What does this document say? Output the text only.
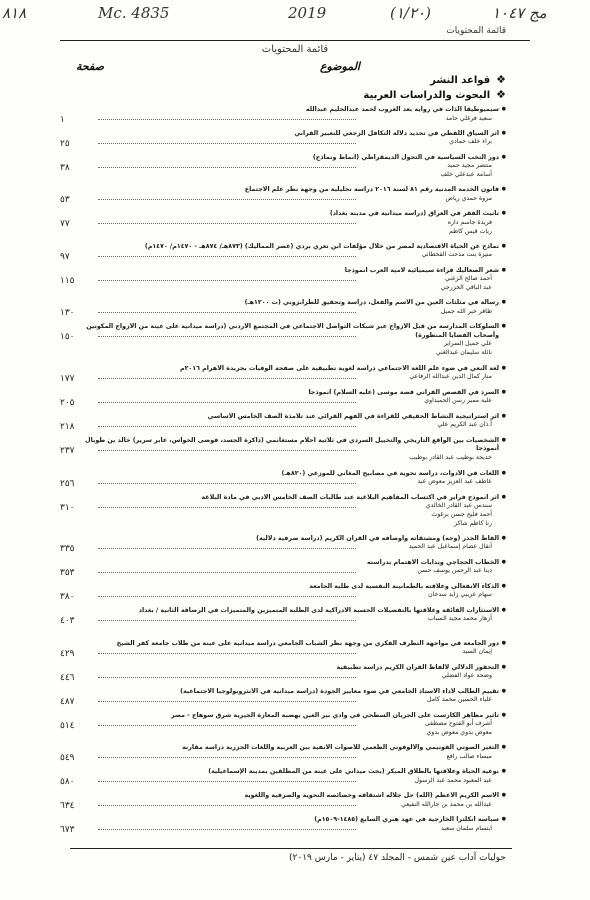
٨١٨	Mc. 4835	2019	(١/٢٠)	مج ١٠٤٧
قائمة المحتويات
قائمة المحتويات
الموضوع
صفحة
❖قواعد النشر
❖البحوث والدراسات العربية
● سيميوطيقا الذات في رواية بعد الغروب لحمد عبدالحليم عبدالله
سعيد فرغلي حامد
١
● أثر السياق اللفظي في تحديد دلالة التكافل الزجعي للتعبير القرآني
براء خلف حمادي
٢٥
● دور النخب السياسية في التحول الديمقراطي (أنماط ونماذج)
منتصر مجيد حميد
أسامة عبدعلي خلف
٣٨
● قانون الخدمة المدنية رقم ٨١ لسنة ٢٠١٦ دراسة تحليلية من وجهة نظر علم الاجتماع
مروة حمدي رياض
٥٣
● تأنيث الفقر في العراق (دراسة ميدانية في مدينة بغداد)
فريدة جاسم داره
ريات قيس كاظم
٧٧
● نماذج عن الحياة الاقتصادية لمصر من خلال مؤلفات ابن تغري بردي (عصر المماليك) (٨٧٣هـ/ ٨٧٤هـ - ١٤٧٠م/ ١٤٧٠م)
منيرة بنت مدحت القحطاني
٩٧
● شعر الصعاليك قراءة سيميائية لامية العرب أنموذجا
أحمد صالح الزعبي
عبد الباقي الخزرجي
١١٥
● رسالة في مثلثات العين من الاسم والفعل، دراسة وتحقيق للطرابزوني (ت ١٢٠٠هـ)
ظافر خير الله جميل
١٣٠
● السلوكات المدارسة من قبل الأزواج عبر شبكات التواصل الاجتماعي في المجتمع الأردني (دراسة ميدانية على عينة من الأزواج المكونين وأصحاب القضايا المنظورة)
علي جميل السراير
نائلة سليمان عبدالغني
١٥٠
● لغة النعي في ضوء علم اللغة الاجتماعي دراسة لغوية تطبيقية على صفحة الوفيات بجريدة الأهرام ٢٠١٦م
منار كمال الدين عبدالله الرفاعي
١٧٧
● السرد في القصص القرآني قصة موسى (عليه السلام) أنموذجا
علية ممير رسن الحميداوي
٢٠٥
● أثر استراتيجية النشاط الحقيقي للقراءة في الفهم القرائي عند تلامذة الصف الخامس الأساسي
أ.ذان عبد الكريم علي
٢١٨
● الشخصيات بين الواقع التاريخي والتخييل السردي في ثلاثية أحلام مستغانمي (ذاكرة الجسد، فوضى الحواس، عابر سرير) خالد بن طوبال أنموذجا
خديجة بوطيب عبد القادر بوطيب
٢٣٧
● اللغات في الأدوات، دراسة نحوية في مصابيح المغاني للموزعي (٨٢٠هـ)
عاطف عبد العزيز معوض عبد
٢٥٦
● أثر أنموذج فراير في اكتساب المفاهيم البلاغية عند طالبات الصف الخامس الأدبي في مادة البلاغة
سندس عبد القادر الخالدي
أحمد فليح حسن برغوث
رنا كاظم شاكر
٣١٠
● ألفاظ الجذر (وجه) ومشتقاته وأوصافه في القرآن الكريم (دراسة صرفية دلالية)
أنقال عصام إسماعيل عبد الحميد
٣٣٥
● الخطاب الحجاجي وبدايات الاهتمام بدراسته
دينا عبد الرحمن يوسف حسن
٣٥٣
● الذكاء الانفعالي وعلاقته بالطمأنينة النفسية لدى طلبة الجامعة
سهام عريبي زايد سدخان
٣٨٠
● الاستثارات الفائقة وعلاقتها بالتفضيلات الحسية الادراكية لدى الطلبة المتميزين والمتميزات في الرصافة الثانية / بغداد
أزهار محمد مجيد السباب
٤٠٣
● دور الجامعة في مواجهة التطرف الفكري من وجهة نظر الشباب الجامعي دراسة ميدانية على عينة من طلاب جامعة كفر الشيخ
إيمان السيد
٤٢٩
● التحقور الدلالي لألفاظ القرآن الكريم دراسة تطبيقية
وضحة عواد الفضلي
٤٤٦
● تقييم الطالب لأداء الأستاذ الجامعي في ضوء معايير الجودة (دراسة ميدانية في الأنثروبولوجيا الاجتماعية)
علياء الحسين محمد كامل
٤٨٧
● تأثير مظاهر الكارست على الجريان السطحي في وادي بير العين بهضبة المعازة الجيرية شرق سوهاج - مصر
أشرف أبو الفتوح مصطفى
معوض بدوي معوض بدوي
٥١٤
● التغير الصوتي الفونيمي والألوفوني الطعمي للأصوات الأنفية بين العربية واللغات الجزرية دراسة مقارنة
ميساء صالب رافع
٥٤٩
● نوعية الحياة وعلاقتها بالطلاق المبكر (بحث ميداني على عينة من المطلقين بمدينة الإسماعيلية)
عبد المعبود محمد عبد الرسول
٥٨٠
● الاسم الكريم الأعظم (الله) جل جلاله اشتقاقه وخصائصه النحوية والصرفية واللغوية
عبدالله بن محمد بن جارالله النفيعي
٦٣٤
● سياسة انكلترا الخارجية في عهد هنري السابع (١٤٨٥-١٥٠٩م)
ابتسام سلمان سعيد
٦٧٣
حوليات آداب عين شمس - المجلد ٤٧ (يناير - مارس ٢٠١٩)
